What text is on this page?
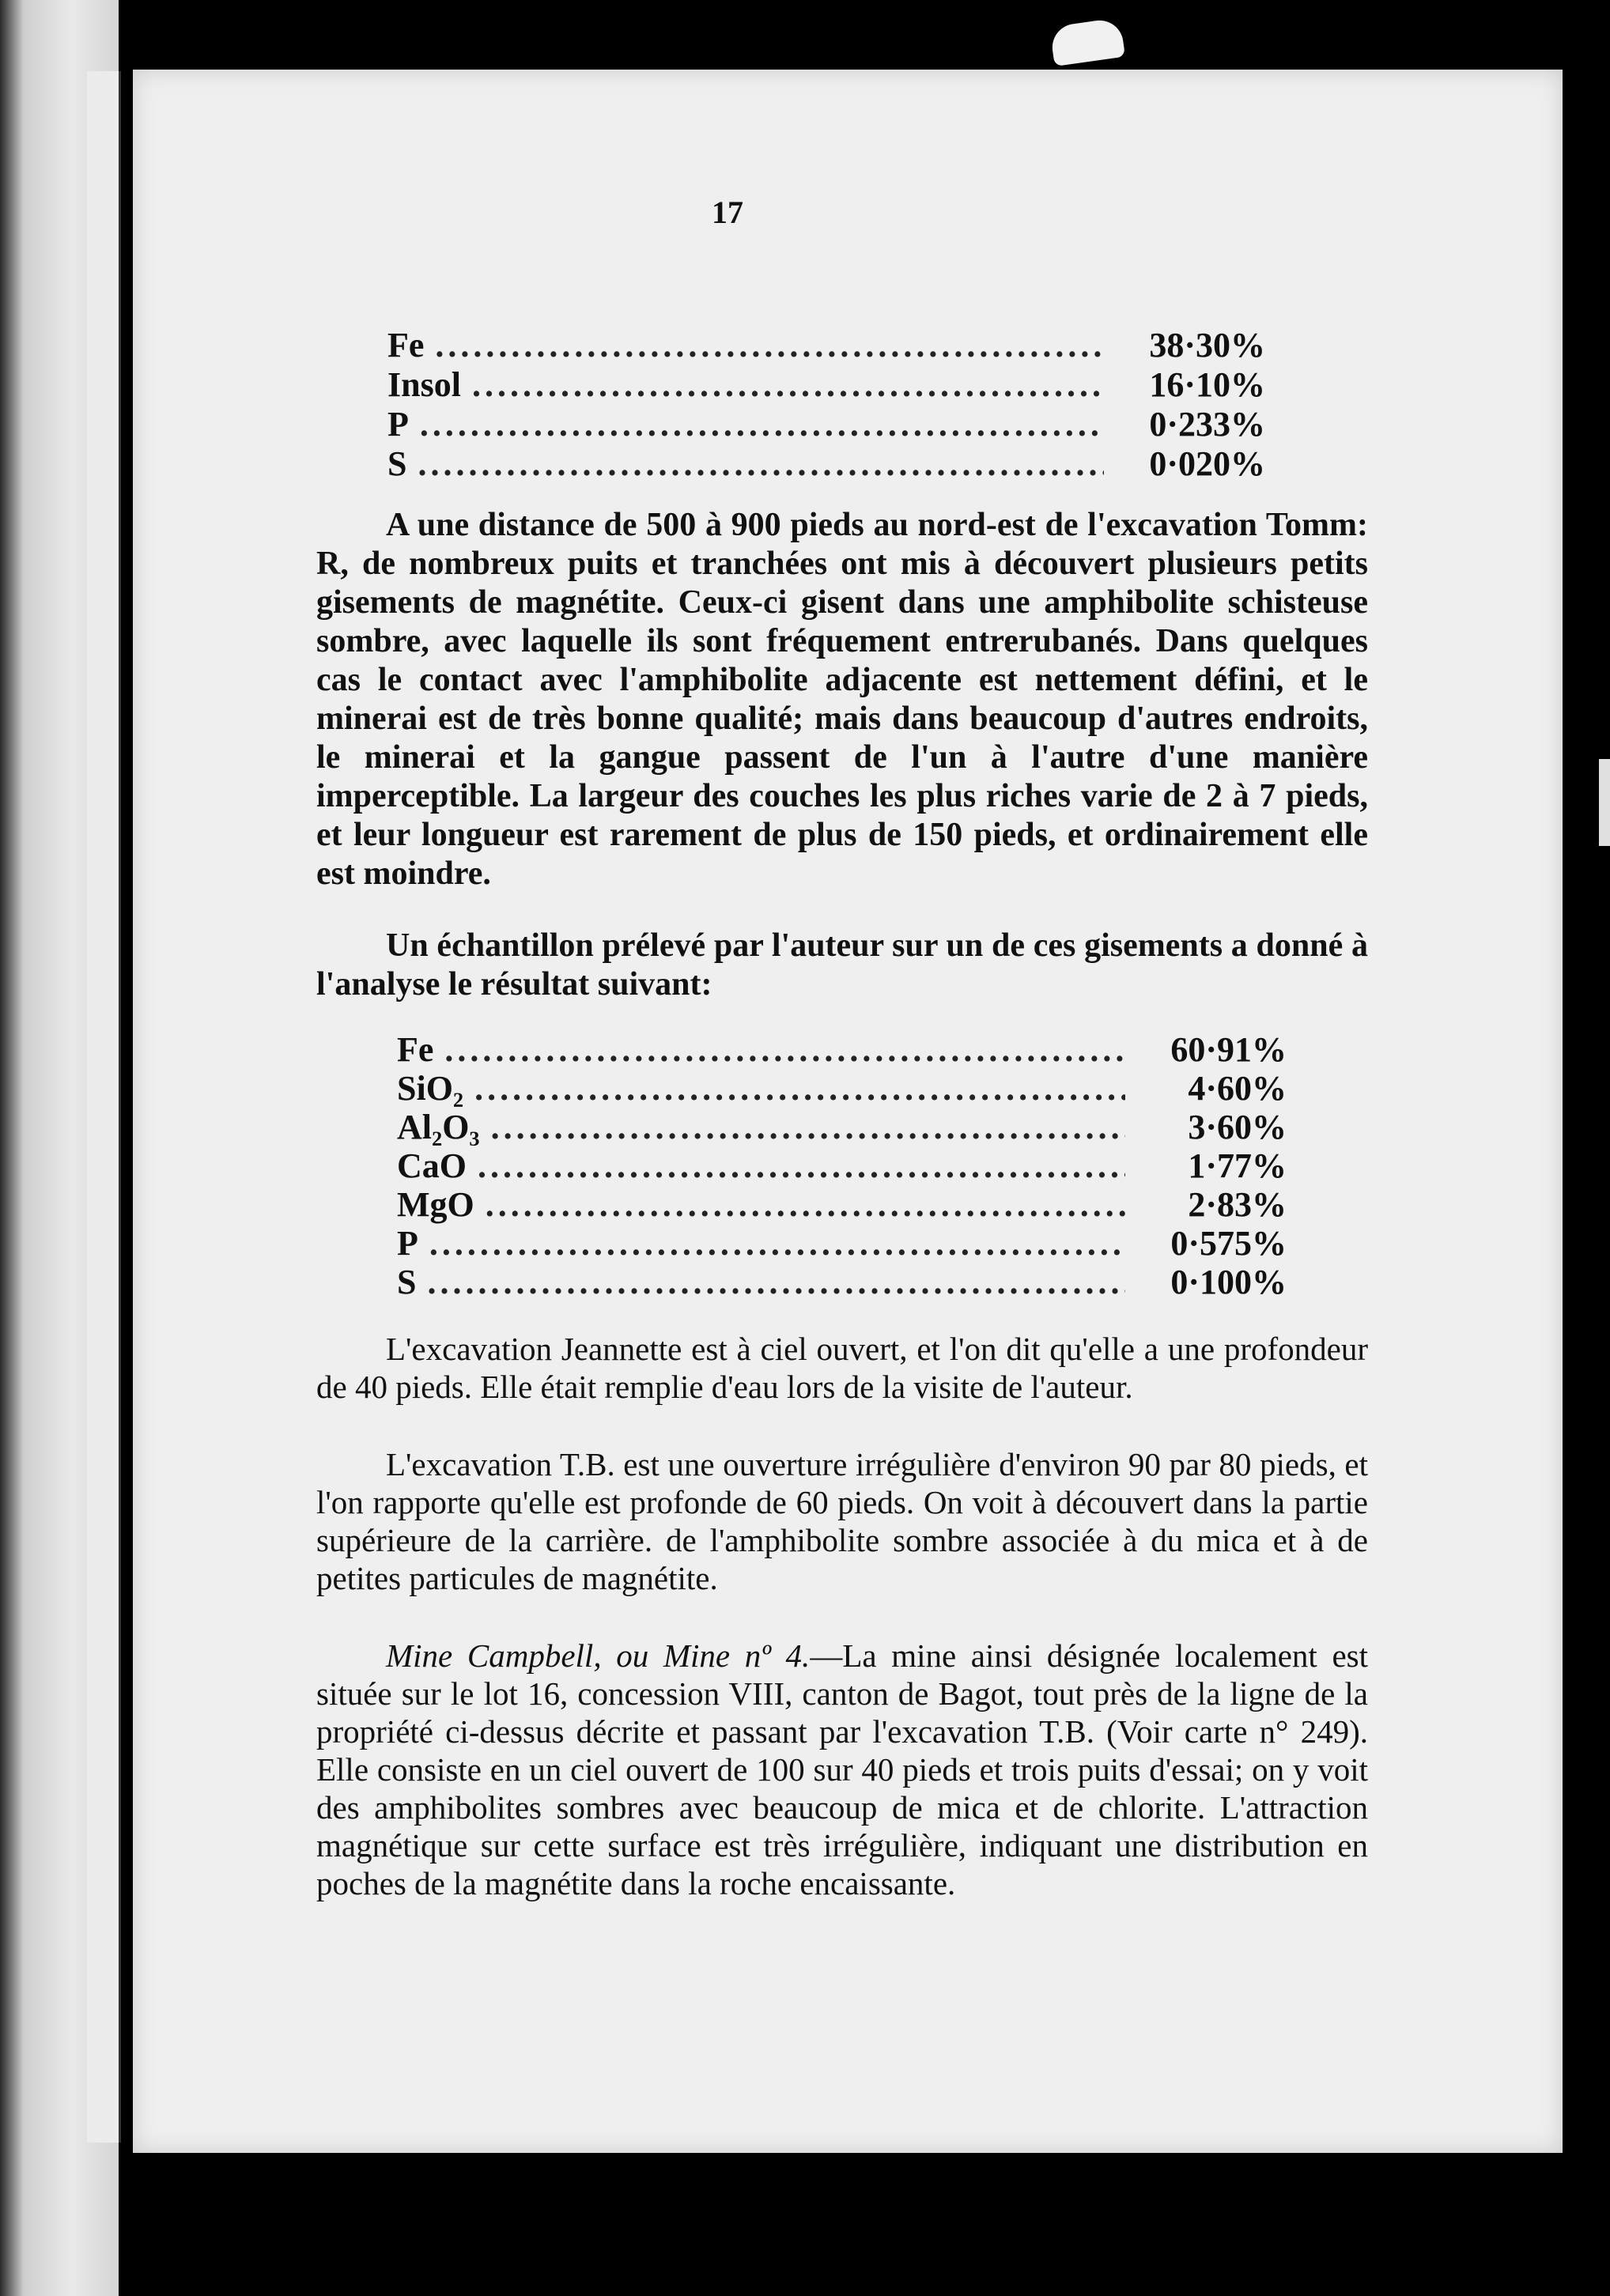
17
Fe . . .	38·30%
Insol . . .	16·10%
P . . .	0·233%
S . . .	0·020%

A une distance de 500 à 900 pieds au nord-est de l'excavation Tomm: R, de nombreux puits et tranchées ont mis à découvert plusieurs petits gisements de magnétite. Ceux-ci gisent dans une amphibolite schisteuse sombre, avec laquelle ils sont fréquement entrerubanés. Dans quelques cas le contact avec l'amphibolite adjacente est nettement défini, et le minerai est de très bonne qualité; mais dans beaucoup d'autres endroits, le minerai et la gangue passent de l'un à l'autre d'une manière imperceptible. La largeur des couches les plus riches varie de 2 à 7 pieds, et leur longueur est rarement de plus de 150 pieds, et ordinairement elle est moindre.

Un échantillon prélevé par l'auteur sur un de ces gisements a donné à l'analyse le résultat suivant:

Fe . . .	60·91%
SiO₂ . . .	4·60%
Al₂O₃ . . .	3·60%
CaO . . .	1·77%
MgO . . .	2·83%
P . . .	0·575%
S . . .	0·100%

L'excavation Jeannette est à ciel ouvert, et l'on dit qu'elle a une profondeur de 40 pieds. Elle était remplie d'eau lors de la visite de l'auteur.

L'excavation T.B. est une ouverture irrégulière d'environ 90 par 80 pieds, et l'on rapporte qu'elle est profonde de 60 pieds. On voit à découvert dans la partie supérieure de la carrière. de l'amphibolite sombre associée à du mica et à de petites particules de magnétite.

Mine Campbell, ou Mine nº 4.—La mine ainsi désignée localement est située sur le lot 16, concession VIII, canton de Bagot, tout près de la ligne de la propriété ci-dessus décrite et passant par l'excavation T.B. (Voir carte n° 249). Elle consiste en un ciel ouvert de 100 sur 40 pieds et trois puits d'essai; on y voit des amphibolites sombres avec beaucoup de mica et de chlorite. L'attraction magnétique sur cette surface est très irrégulière, indiquant une distribution en poches de la magnétite dans la roche encaissante.
